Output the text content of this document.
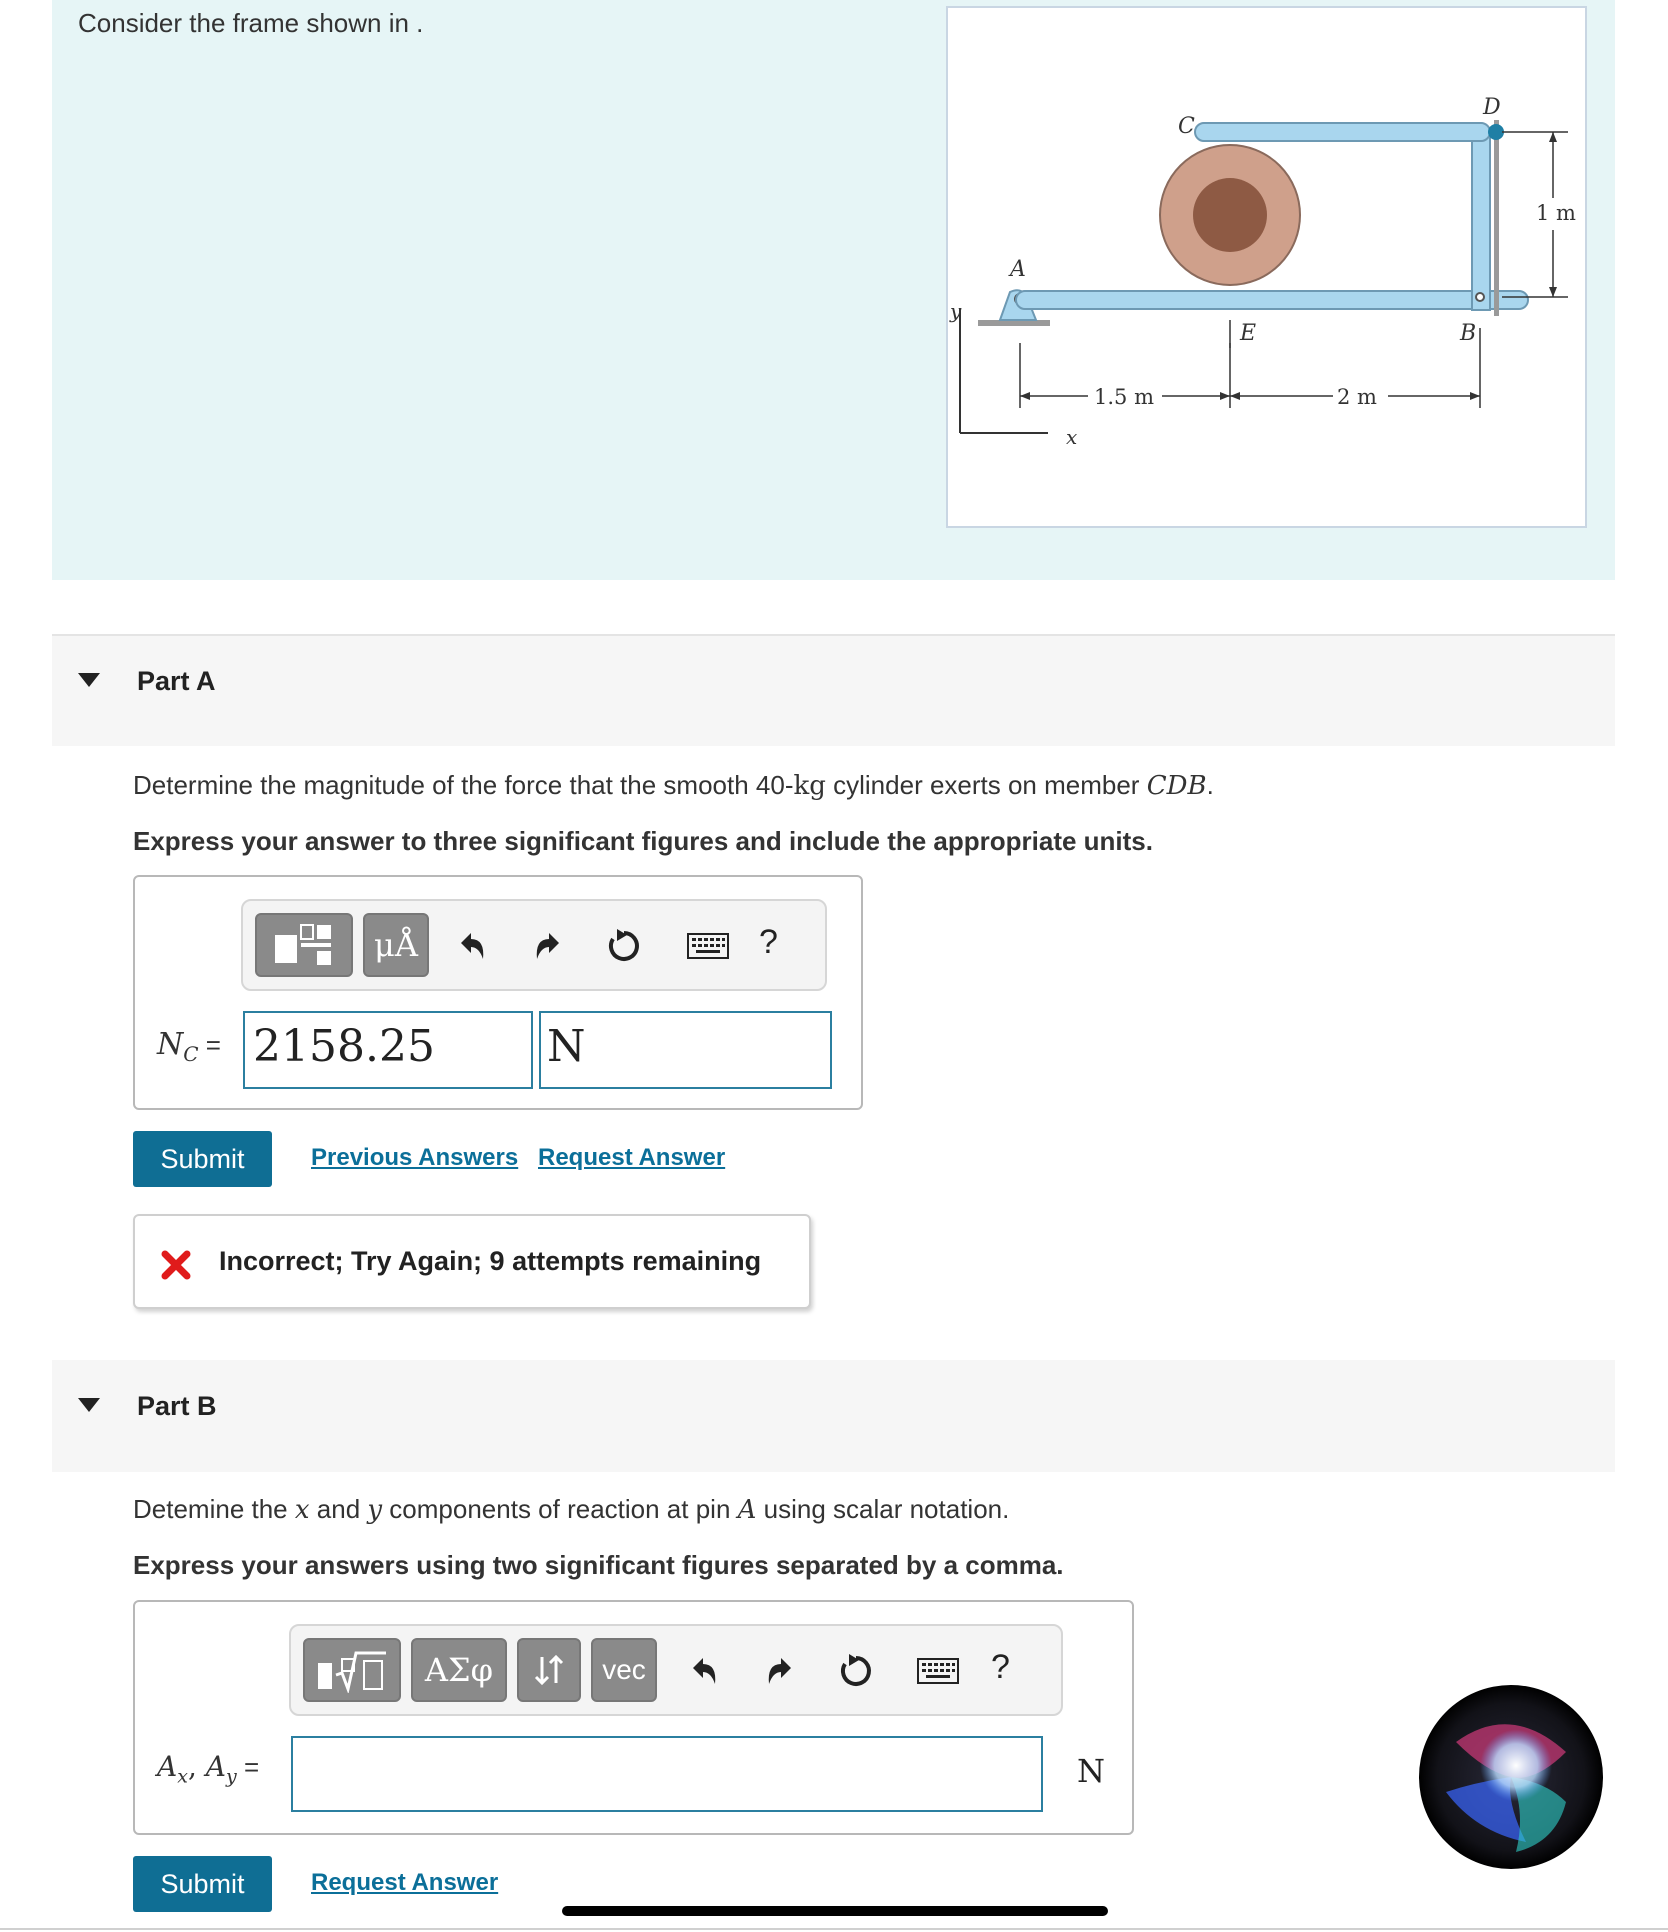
Consider the frame shown in .
y
x
C
D
A
E	B
1.5 m	2 m
1 m
Part A
Determine the magnitude of the force that the smooth 40-kg cylinder exerts on member CDB.
Express your answer to three significant figures and include the appropriate units.
μÅ	?
$N_C = 2158.25$	N
Submit	Previous Answers Request Answer
Incorrect; Try Again; 9 attempts remaining
Part B
Detemine the x and y components of reaction at pin A using scalar notation.
Express your answers using two significant figures separated by a comma.
ΑΣφ	vec	?
$A_x$, $A_y$ =	N
Submit	Request Answer
